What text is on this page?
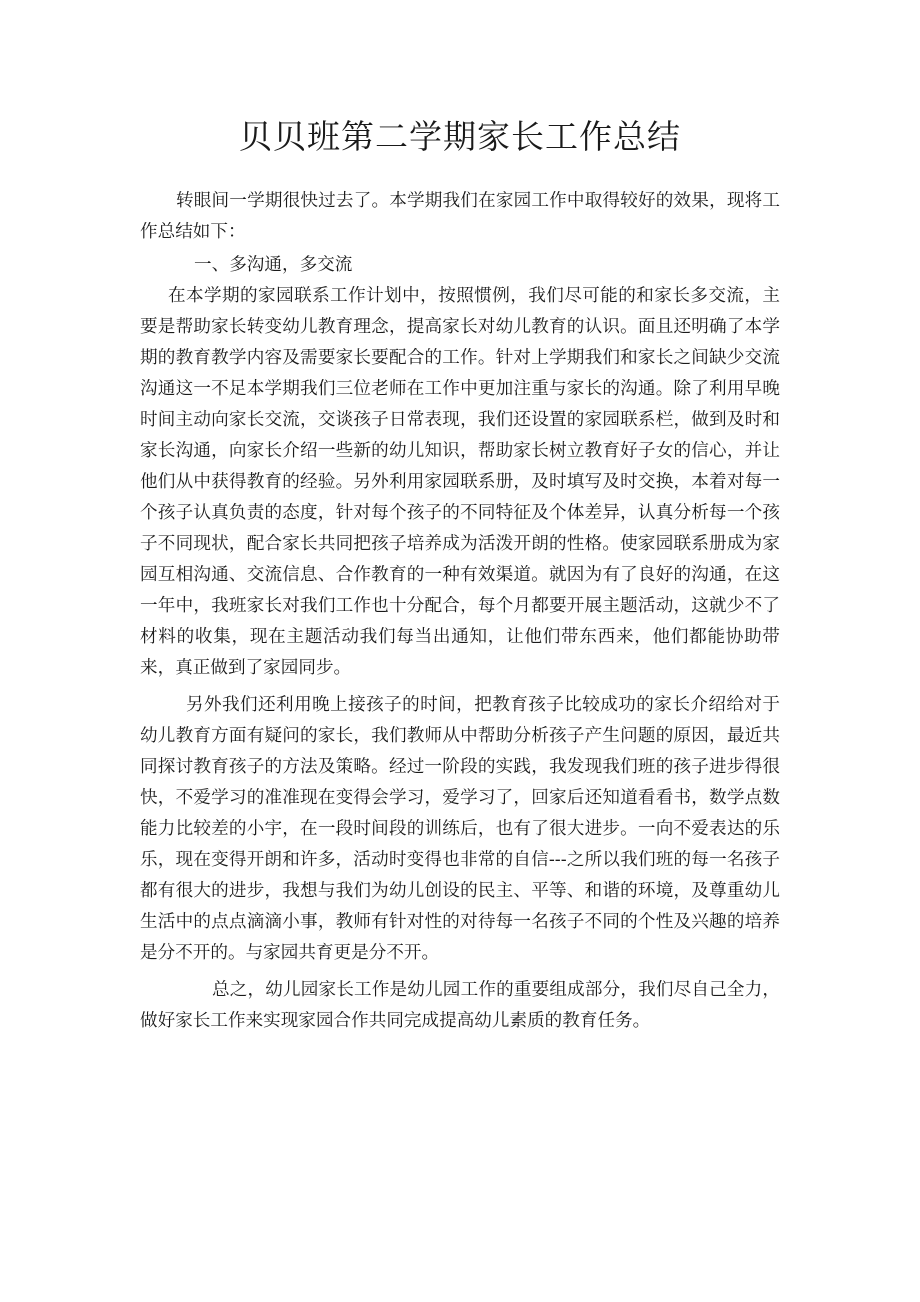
贝贝班第二学期家长工作总结

转眼间一学期很快过去了。本学期我们在家园工作中取得较好的效果，现将工作总结如下：

一、多沟通，多交流

在本学期的家园联系工作计划中，按照惯例，我们尽可能的和家长多交流，主要是帮助家长转变幼儿教育理念，提高家长对幼儿教育的认识。面且还明确了本学期的教育教学内容及需要家长要配合的工作。针对上学期我们和家长之间缺少交流沟通这一不足本学期我们三位老师在工作中更加注重与家长的沟通。除了利用早晚时间主动向家长交流，交谈孩子日常表现，我们还设置的家园联系栏，做到及时和家长沟通，向家长介绍一些新的幼儿知识，帮助家长树立教育好子女的信心，并让他们从中获得教育的经验。另外利用家园联系册，及时填写及时交换，本着对每一个孩子认真负责的态度，针对每个孩子的不同特征及个体差异，认真分析每一个孩子不同现状，配合家长共同把孩子培养成为活泼开朗的性格。使家园联系册成为家园互相沟通、交流信息、合作教育的一种有效渠道。就因为有了良好的沟通，在这一年中，我班家长对我们工作也十分配合，每个月都要开展主题活动，这就少不了材料的收集，现在主题活动我们每当出通知，让他们带东西来，他们都能协助带来，真正做到了家园同步。

另外我们还利用晚上接孩子的时间，把教育孩子比较成功的家长介绍给对于幼儿教育方面有疑问的家长，我们教师从中帮助分析孩子产生问题的原因，最近共同探讨教育孩子的方法及策略。经过一阶段的实践，我发现我们班的孩子进步得很快，不爱学习的准准现在变得会学习，爱学习了，回家后还知道看看书，数学点数能力比较差的小宇，在一段时间段的训练后，也有了很大进步。一向不爱表达的乐乐，现在变得开朗和许多，活动时变得也非常的自信---之所以我们班的每一名孩子都有很大的进步，我想与我们为幼儿创设的民主、平等、和谐的环境，及尊重幼儿生活中的点点滴滴小事，教师有针对性的对待每一名孩子不同的个性及兴趣的培养是分不开的。与家园共育更是分不开。

总之，幼儿园家长工作是幼儿园工作的重要组成部分，我们尽自己全力，做好家长工作来实现家园合作共同完成提高幼儿素质的教育任务。
